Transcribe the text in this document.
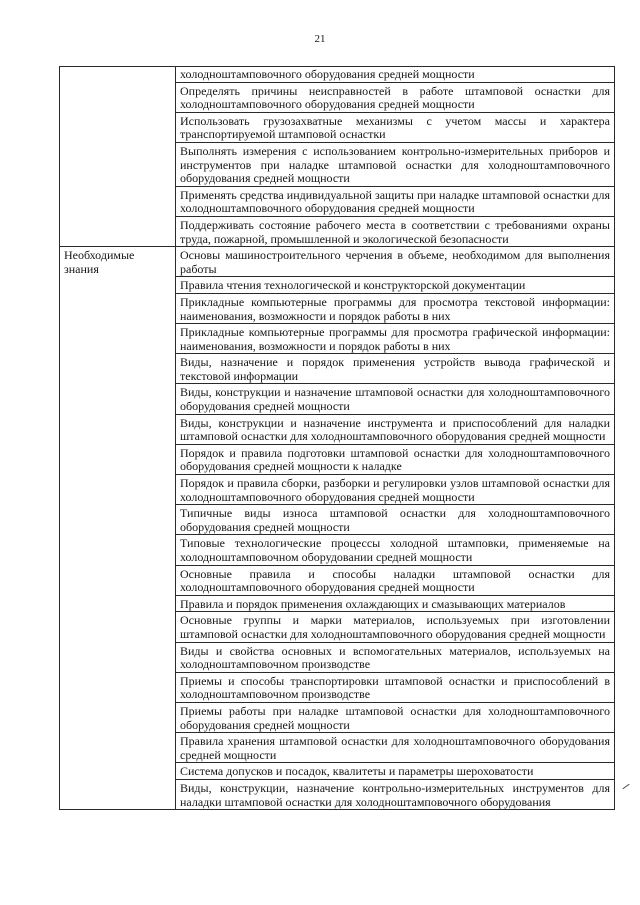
21
	холодноштамповочного оборудования средней мощности
	Определять причины неисправностей в работе штамповой оснастки для холодноштамповочного оборудования средней мощности
	Использовать грузозахватные механизмы с учетом массы и характера транспортируемой штамповой оснастки
	Выполнять измерения с использованием контрольно-измерительных приборов и инструментов при наладке штамповой оснастки для холодноштамповочного оборудования средней мощности
	Применять средства индивидуальной защиты при наладке штамповой оснастки для холодноштамповочного оборудования средней мощности
	Поддерживать состояние рабочего места в соответствии с требованиями охраны труда, пожарной, промышленной и экологической безопасности
Необходимые знания	Основы машиностроительного черчения в объеме, необходимом для выполнения работы
	Правила чтения технологической и конструкторской документации
	Прикладные компьютерные программы для просмотра текстовой информации: наименования, возможности и порядок работы в них
	Прикладные компьютерные программы для просмотра графической информации: наименования, возможности и порядок работы в них
	Виды, назначение и порядок применения устройств вывода графической и текстовой информации
	Виды, конструкции и назначение штамповой оснастки для холодноштамповочного оборудования средней мощности
	Виды, конструкции и назначение инструмента и приспособлений для наладки штамповой оснастки для холодноштамповочного оборудования средней мощности
	Порядок и правила подготовки штамповой оснастки для холодноштамповочного оборудования средней мощности к наладке
	Порядок и правила сборки, разборки и регулировки узлов штамповой оснастки для холодноштамповочного оборудования средней мощности
	Типичные виды износа штамповой оснастки для холодноштамповочного оборудования средней мощности
	Типовые технологические процессы холодной штамповки, применяемые на холодноштамповочном оборудовании средней мощности
	Основные правила и способы наладки штамповой оснастки для холодноштамповочного оборудования средней мощности
	Правила и порядок применения охлаждающих и смазывающих материалов
	Основные группы и марки материалов, используемых при изготовлении штамповой оснастки для холодноштамповочного оборудования средней мощности
	Виды и свойства основных и вспомогательных материалов, используемых на холодноштамповочном производстве
	Приемы и способы транспортировки штамповой оснастки и приспособлений в холодноштамповочном производстве
	Приемы работы при наладке штамповой оснастки для холодноштамповочного оборудования средней мощности
	Правила хранения штамповой оснастки для холодноштамповочного оборудования средней мощности
	Система допусков и посадок, квалитеты и параметры шероховатости
	Виды, конструкции, назначение контрольно-измерительных инструментов для наладки штамповой оснастки для холодноштамповочного оборудования
